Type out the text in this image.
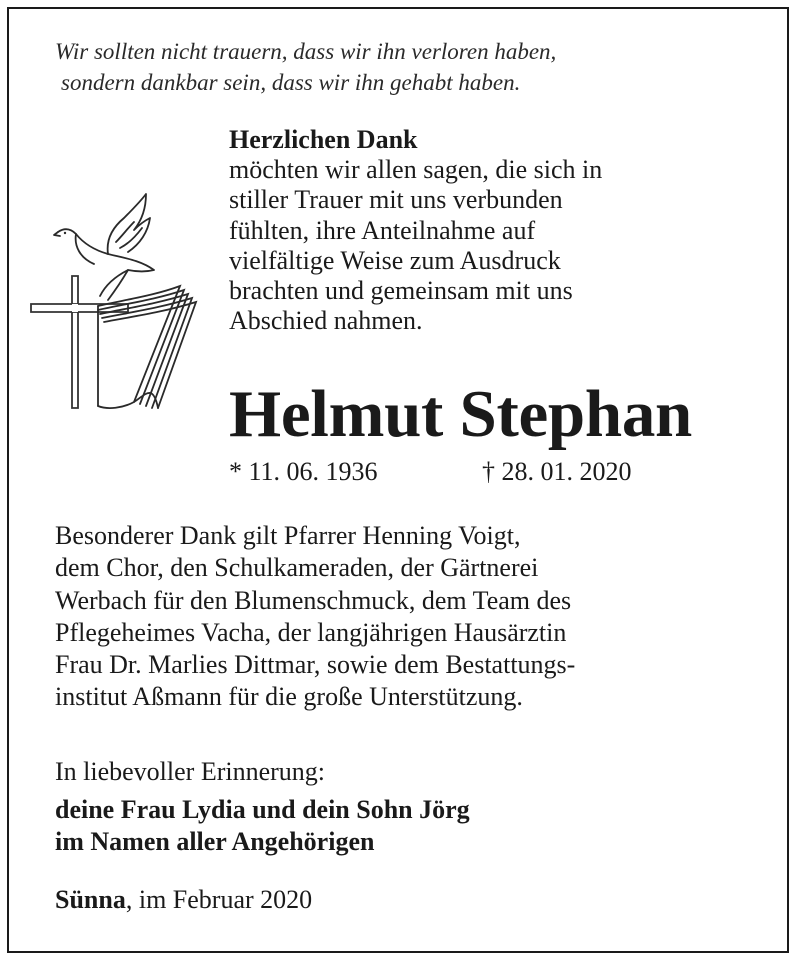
Wir sollten nicht trauern, dass wir ihn verloren haben,
sondern dankbar sein, dass wir ihn gehabt haben.
Herzlichen Dank
möchten wir allen sagen, die sich in
stiller Trauer mit uns verbunden
fühlten, ihre Anteilnahme auf
vielfältige Weise zum Ausdruck
brachten und gemeinsam mit uns
Abschied nahmen.
Helmut Stephan
* 11. 06. 1936	† 28. 01. 2020
Besonderer Dank gilt Pfarrer Henning Voigt,
dem Chor, den Schulkameraden, der Gärtnerei
Werbach für den Blumenschmuck, dem Team des
Pflegeheimes Vacha, der langjährigen Hausärztin
Frau Dr. Marlies Dittmar, sowie dem Bestattungs-
institut Aßmann für die große Unterstützung.
In liebevoller Erinnerung:
deine Frau Lydia und dein Sohn Jörg
im Namen aller Angehörigen
Sünna, im Februar 2020
